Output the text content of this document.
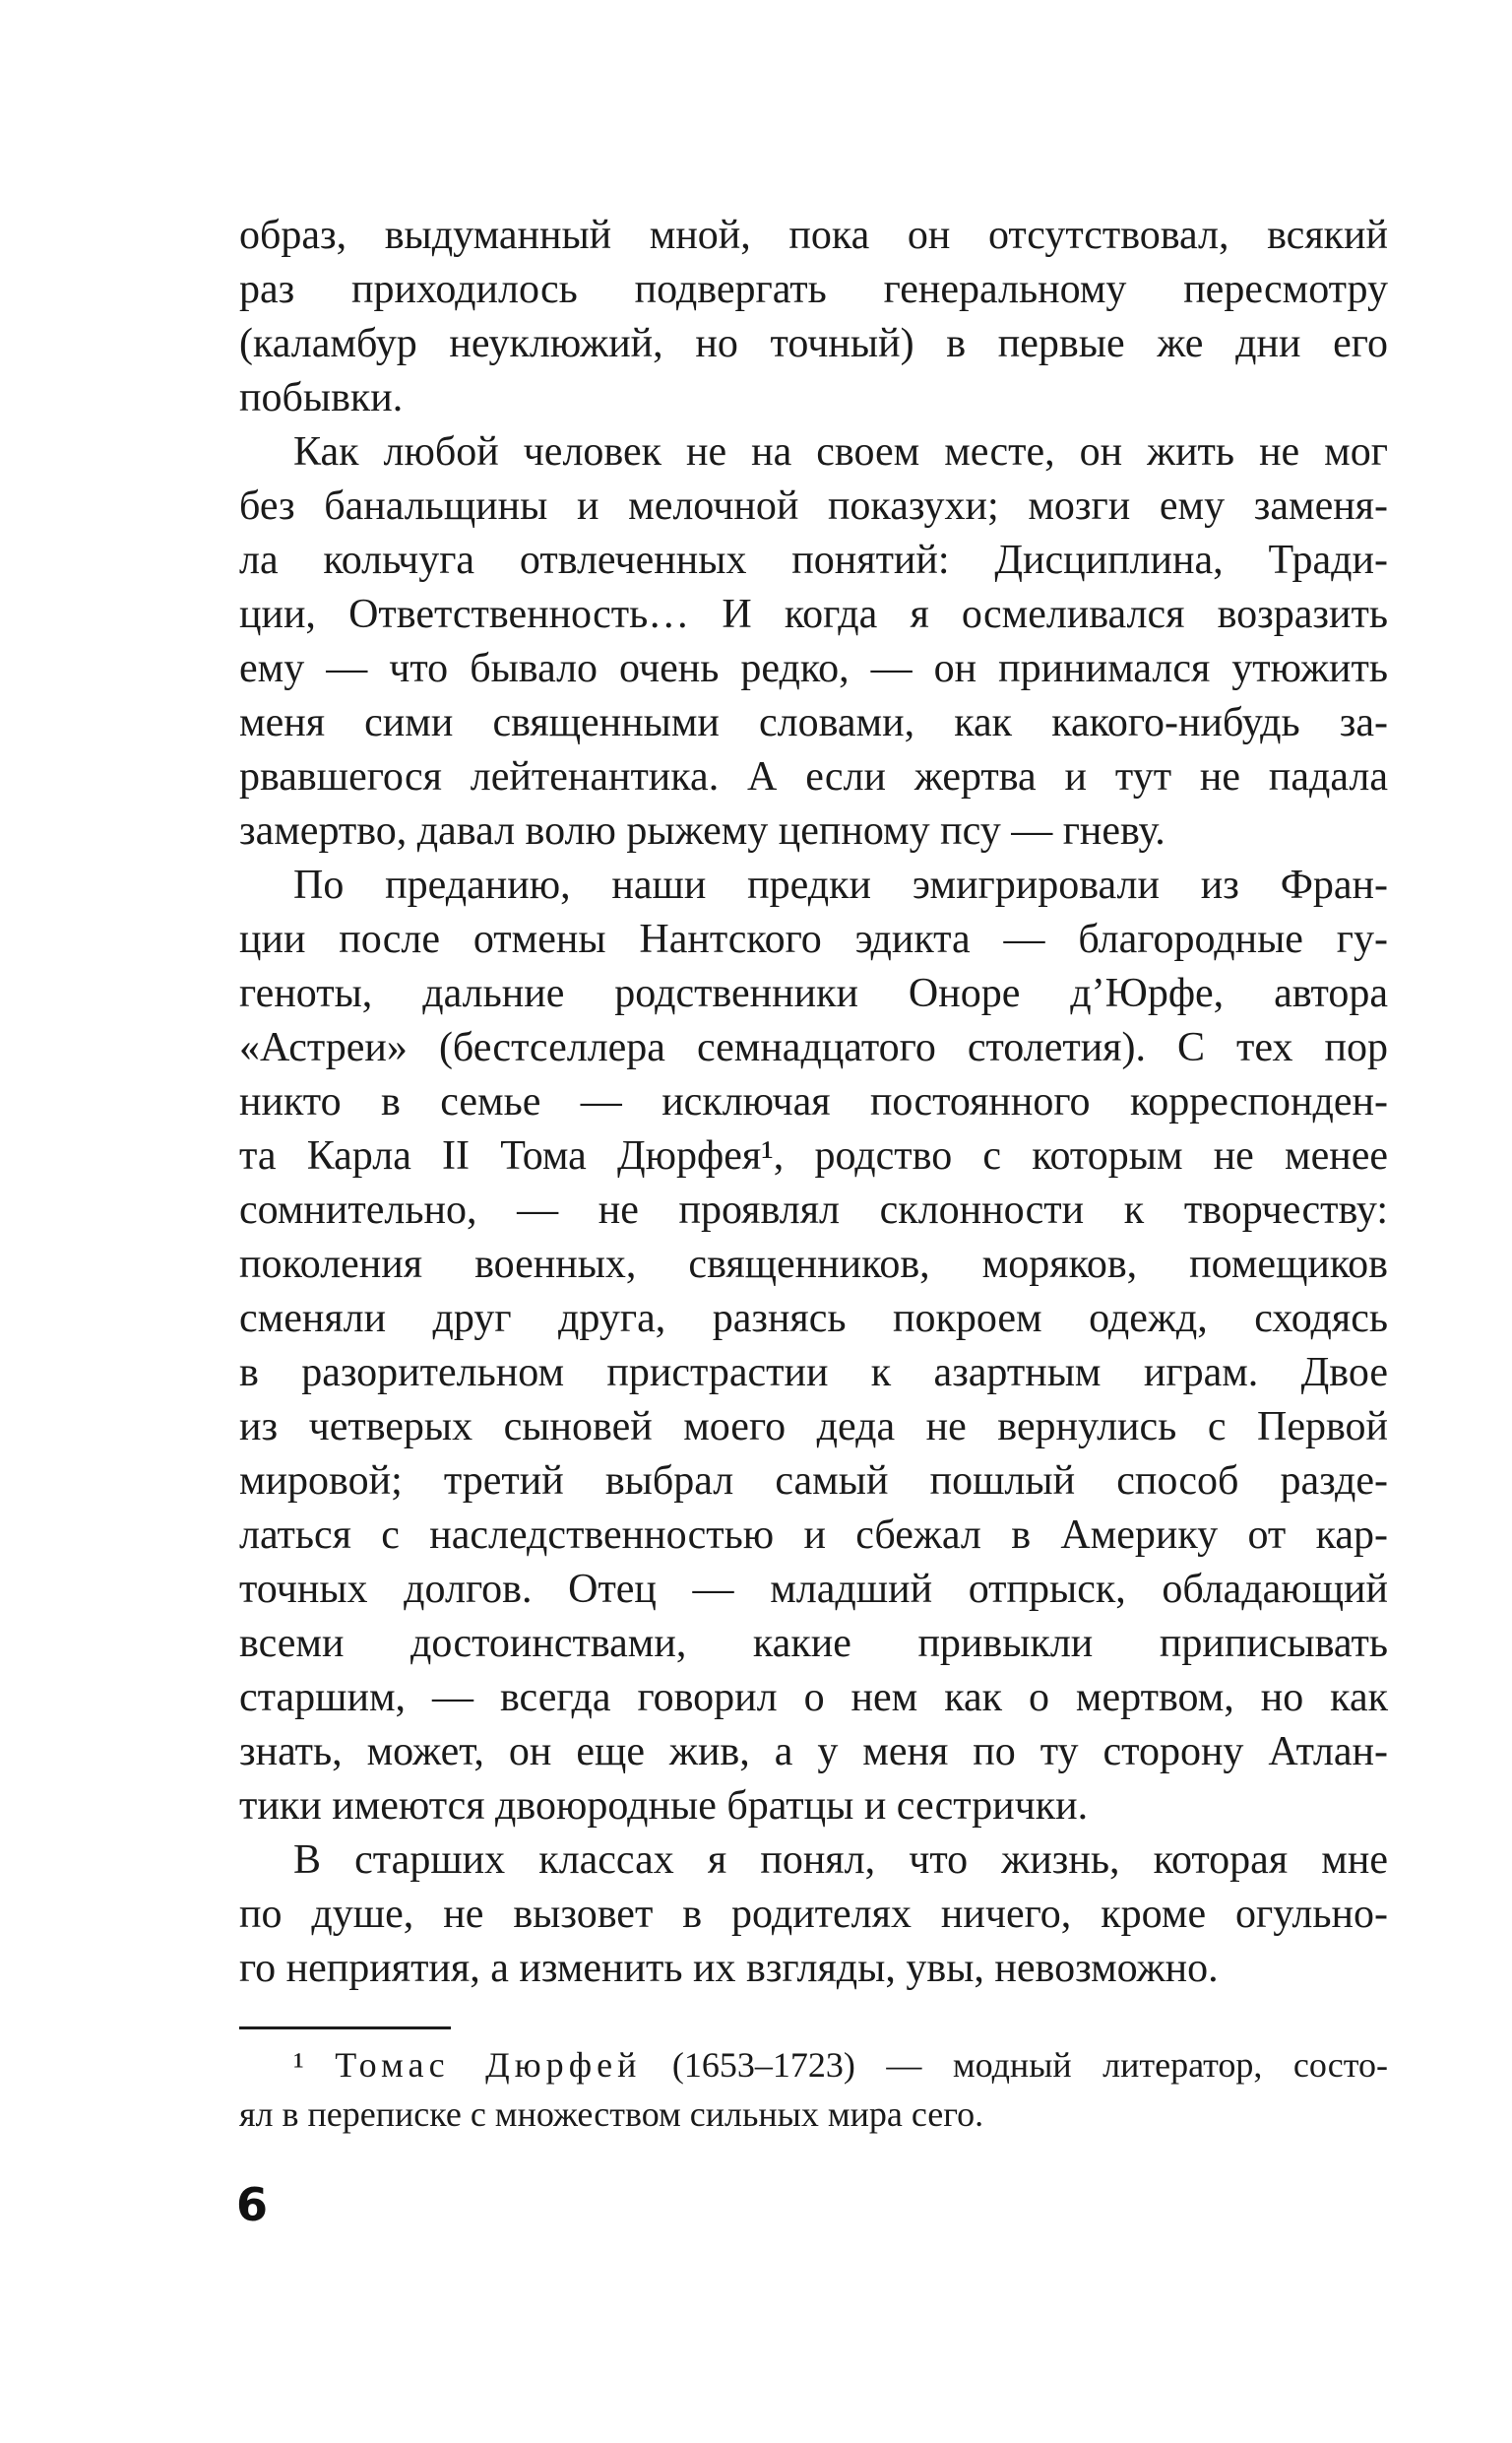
образ, выдуманный мной, пока он отсутствовал, всякий
раз приходилось подвергать генеральному пересмотру
(каламбур неуклюжий, но точный) в первые же дни его
побывки.
Как любой человек не на своем месте, он жить не мог
без банальщины и мелочной показухи; мозги ему заменя-
ла кольчуга отвлеченных понятий: Дисциплина, Тради-
ции, Ответственность… И когда я осмеливался возразить
ему — что бывало очень редко, — он принимался утюжить
меня сими священными словами, как какого-нибудь за-
рвавшегося лейтенантика. А если жертва и тут не падала
замертво, давал волю рыжему цепному псу — гневу.
По преданию, наши предки эмигрировали из Фран-
ции после отмены Нантского эдикта — благородные гу-
геноты, дальние родственники Оноре д’Юрфе, автора
«Астреи» (бестселлера семнадцатого столетия). С тех пор
никто в семье — исключая постоянного корреспонден-
та Карла II Тома Дюрфея¹, родство с которым не менее
сомнительно, — не проявлял склонности к творчеству:
поколения военных, священников, моряков, помещиков
сменяли друг друга, разнясь покроем одежд, сходясь
в разорительном пристрастии к азартным играм. Двое
из четверых сыновей моего деда не вернулись с Первой
мировой; третий выбрал самый пошлый способ разде-
латься с наследственностью и сбежал в Америку от кар-
точных долгов. Отец — младший отпрыск, обладающий
всеми достоинствами, какие привыкли приписывать
старшим, — всегда говорил о нем как о мертвом, но как
знать, может, он еще жив, а у меня по ту сторону Атлан-
тики имеются двоюродные братцы и сестрички.
В старших классах я понял, что жизнь, которая мне
по душе, не вызовет в родителях ничего, кроме огульно-
го неприятия, а изменить их взгляды, увы, невозможно.
¹ Томас Дюрфей (1653–1723) — модный литератор, состо-
ял в переписке с множеством сильных мира сего.
6
